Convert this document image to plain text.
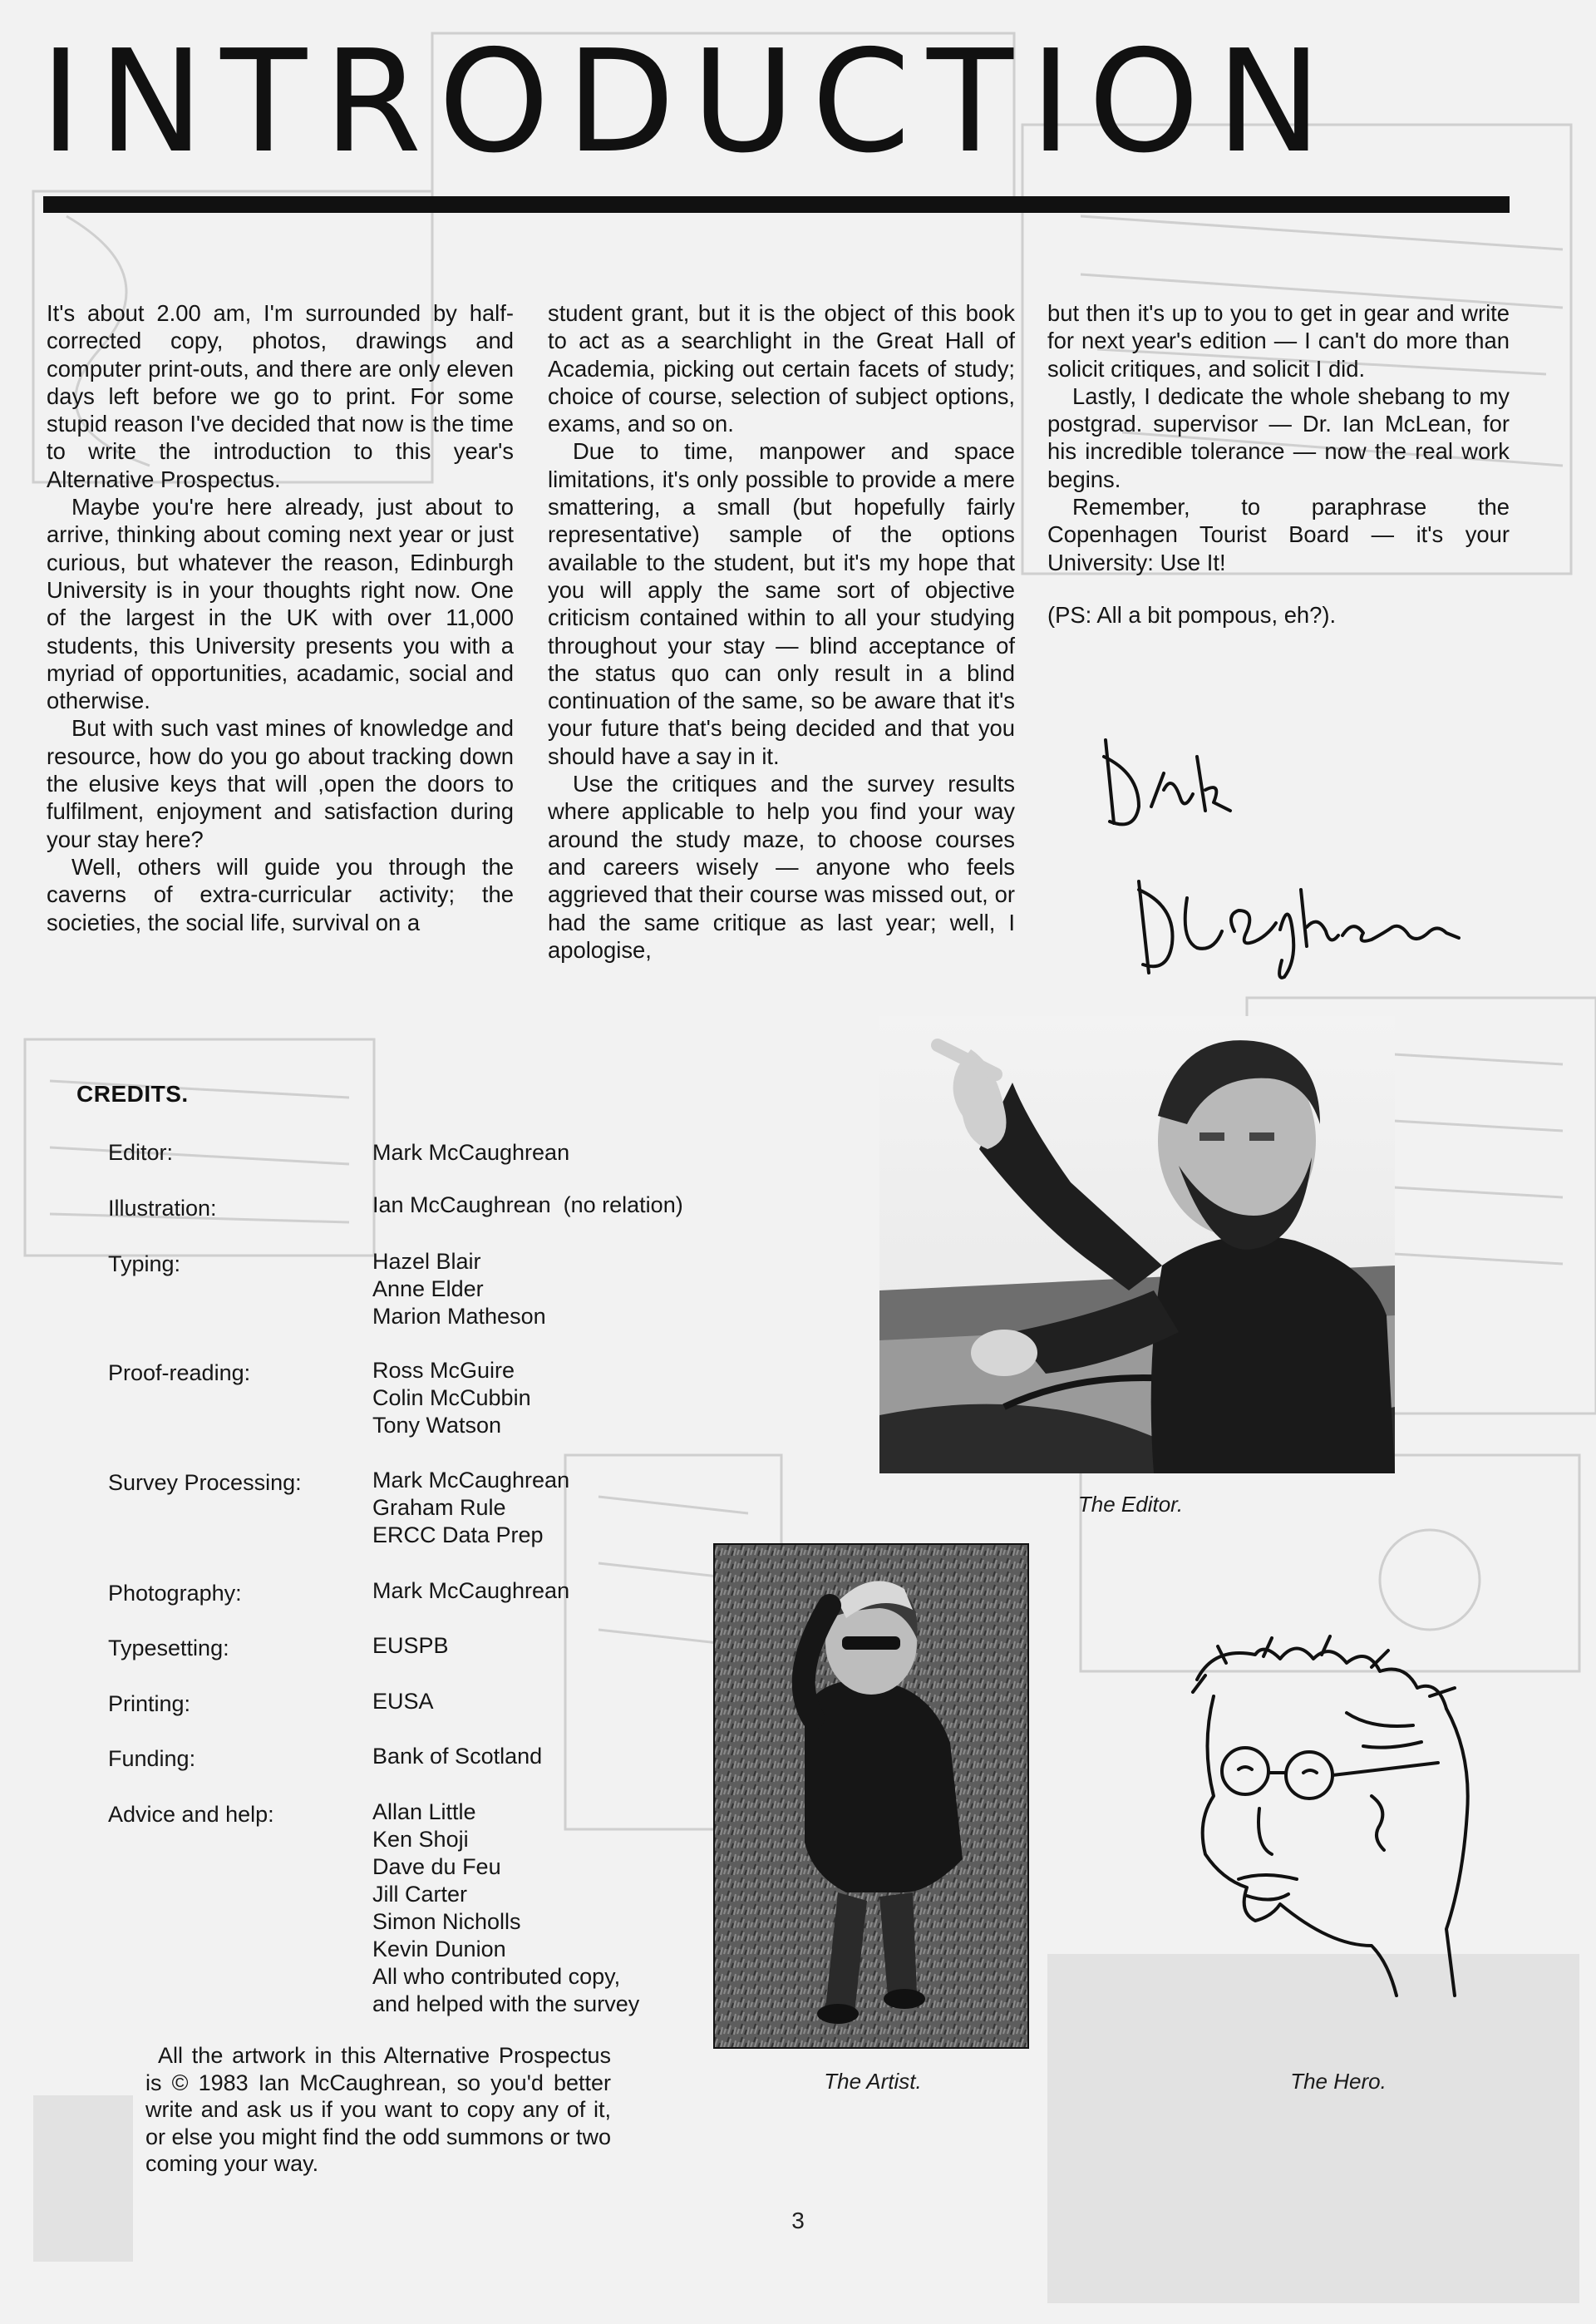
INTRODUCTION

It's about 2.00 am, I'm surrounded by half-corrected copy, photos, drawings and computer print-outs, and there are only eleven days left before we go to print. For some stupid reason I've decided that now is the time to write the introduction to this year's Alternative Prospectus.

Maybe you're here already, just about to arrive, thinking about coming next year or just curious, but whatever the reason, Edinburgh University is in your thoughts right now. One of the largest in the UK with over 11,000 students, this University presents you with a myriad of opportunities, acadamic, social and otherwise.

But with such vast mines of knowledge and resource, how do you go about tracking down the elusive keys that will ,open the doors to fulfilment, enjoyment and satisfaction during your stay here?

Well, others will guide you through the caverns of extra-curricular activity; the societies, the social life, survival on a

student grant, but it is the object of this book to act as a searchlight in the Great Hall of Academia, picking out certain facets of study; choice of course, selection of subject options, exams, and so on.

Due to time, manpower and space limitations, it's only possible to provide a mere smattering, a small (but hopefully fairly representative) sample of the options available to the student, but it's my hope that you will apply the same sort of objective criticism contained within to all your studying throughout your stay — blind acceptance of the status quo can only result in a blind continuation of the same, so be aware that it's your future that's being decided and that you should have a say in it.

Use the critiques and the survey results where applicable to help you find your way around the study maze, to choose courses and careers wisely — anyone who feels aggrieved that their course was missed out, or had the same critique as last year; well, I apologise,

but then it's up to you to get in gear and write for next year's edition — I can't do more than solicit critiques, and solicit I did.

Lastly, I dedicate the whole shebang to my postgrad. supervisor — Dr. Ian McLean, for his incredible tolerance — now the real work begins.

Remember, to paraphrase the Copenhagen Tourist Board — it's your University: Use It!

(PS: All a bit pompous, eh?).

CREDITS.
Editor:	Mark McCaughrean
Illustration:	Ian McCaughrean  (no relation)
Typing:	Hazel Blair
Anne Elder
Marion Matheson
Proof-reading:	Ross McGuire
Colin McCubbin
Tony Watson
Survey Processing:	Mark McCaughrean
Graham Rule
ERCC Data Prep
Photography:	Mark McCaughrean
Typesetting:	EUSPB
Printing:	EUSA
Funding:	Bank of Scotland
Advice and help:	Allan Little
Ken Shoji
Dave du Feu
Jill Carter
Simon Nicholls
Kevin Dunion
All who contributed copy,
and helped with the survey

All the artwork in this Alternative Prospectus is © 1983 Ian McCaughrean, so you'd better write and ask us if you want to copy any of it, or else you might find the odd summons or two coming your way.

The Editor.
The Artist.	The Hero.
3
